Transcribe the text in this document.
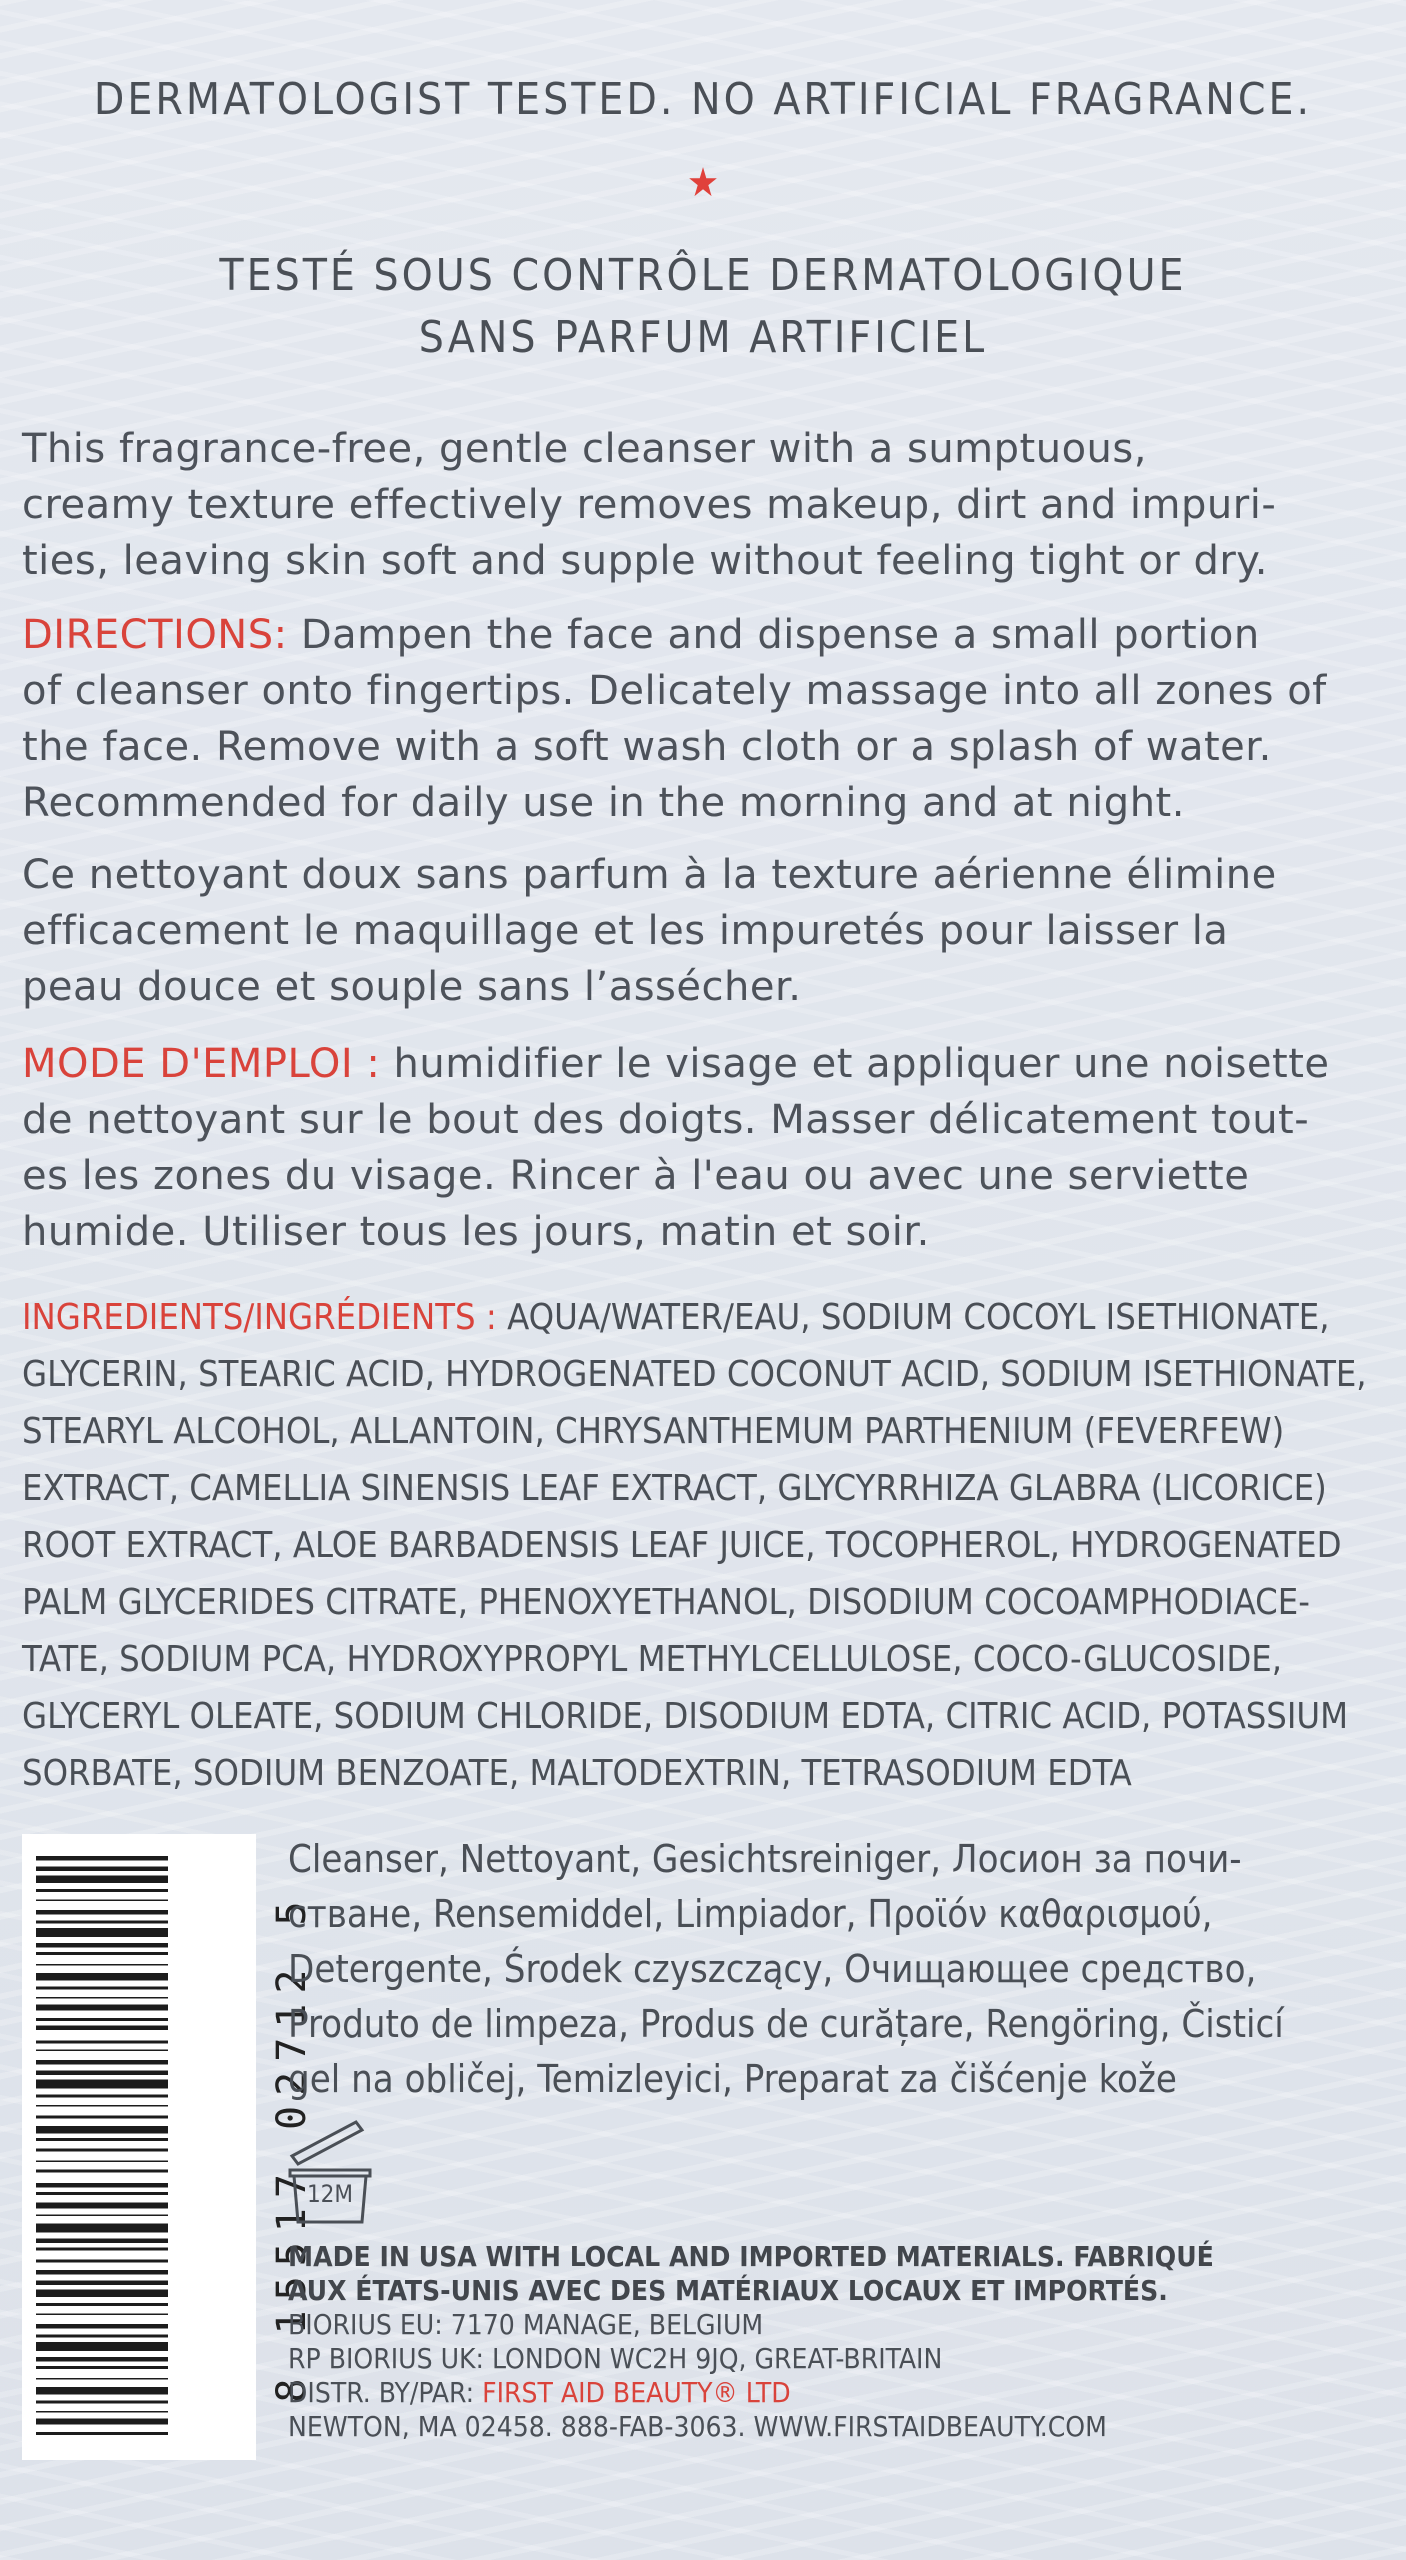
DERMATOLOGIST TESTED. NO ARTIFICIAL FRAGRANCE.
★
TESTÉ SOUS CONTRÔLE DERMATOLOGIQUE
SANS PARFUM ARTIFICIEL

This fragrance-free, gentle cleanser with a sumptuous,

creamy texture effectively removes makeup, dirt and impuri-

ties, leaving skin soft and supple without feeling tight or dry.

DIRECTIONS: Dampen the face and dispense a small portion

of cleanser onto fingertips. Delicately massage into all zones of

the face. Remove with a soft wash cloth or a splash of water.

Recommended for daily use in the morning and at night.

Ce nettoyant doux sans parfum à la texture aérienne élimine

efficacement le maquillage et les impuretés pour laisser la

peau douce et souple sans l’assécher.

MODE D'EMPLOI : humidifier le visage et appliquer une noisette

de nettoyant sur le bout des doigts. Masser délicatement tout-

es les zones du visage. Rincer à l'eau ou avec une serviette

humide. Utiliser tous les jours, matin et soir.

INGREDIENTS/INGRÉDIENTS : AQUA/WATER/EAU, SODIUM COCOYL ISETHIONATE,

GLYCERIN, STEARIC ACID, HYDROGENATED COCONUT ACID, SODIUM ISETHIONATE,

STEARYL ALCOHOL, ALLANTOIN, CHRYSANTHEMUM PARTHENIUM (FEVERFEW)

EXTRACT, CAMELLIA SINENSIS LEAF EXTRACT, GLYCYRRHIZA GLABRA (LICORICE)

ROOT EXTRACT, ALOE BARBADENSIS LEAF JUICE, TOCOPHEROL, HYDROGENATED

PALM GLYCERIDES CITRATE, PHENOXYETHANOL, DISODIUM COCOAMPHODIACE-

TATE, SODIUM PCA, HYDROXYPROPYL METHYLCELLULOSE, COCO-GLUCOSIDE,

GLYCERYL OLEATE, SODIUM CHLORIDE, DISODIUM EDTA, CITRIC ACID, POTASSIUM

SORBATE, SODIUM BENZOATE, MALTODEXTRIN, TETRASODIUM EDTA

8 15517 02712 5

Cleanser, Nettoyant, Gesichtsreiniger, Лосион за почи-

стване, Rensemiddel, Limpiador, Προϊόν καθαρισμού,

Detergente, Środek czyszczący, Очищающее средство,

Produto de limpeza, Produs de curățare, Rengöring, Čisticí

gel na obličej, Temizleyici, Preparat za čišćenje kože

12M

MADE IN USA WITH LOCAL AND IMPORTED MATERIALS. FABRIQUÉ

AUX ÉTATS-UNIS AVEC DES MATÉRIAUX LOCAUX ET IMPORTÉS.

BIORIUS EU: 7170 MANAGE, BELGIUM

RP BIORIUS UK: LONDON WC2H 9JQ, GREAT-BRITAIN

DISTR. BY/PAR: FIRST AID BEAUTY® LTD

NEWTON, MA 02458. 888-FAB-3063. WWW.FIRSTAIDBEAUTY.COM
